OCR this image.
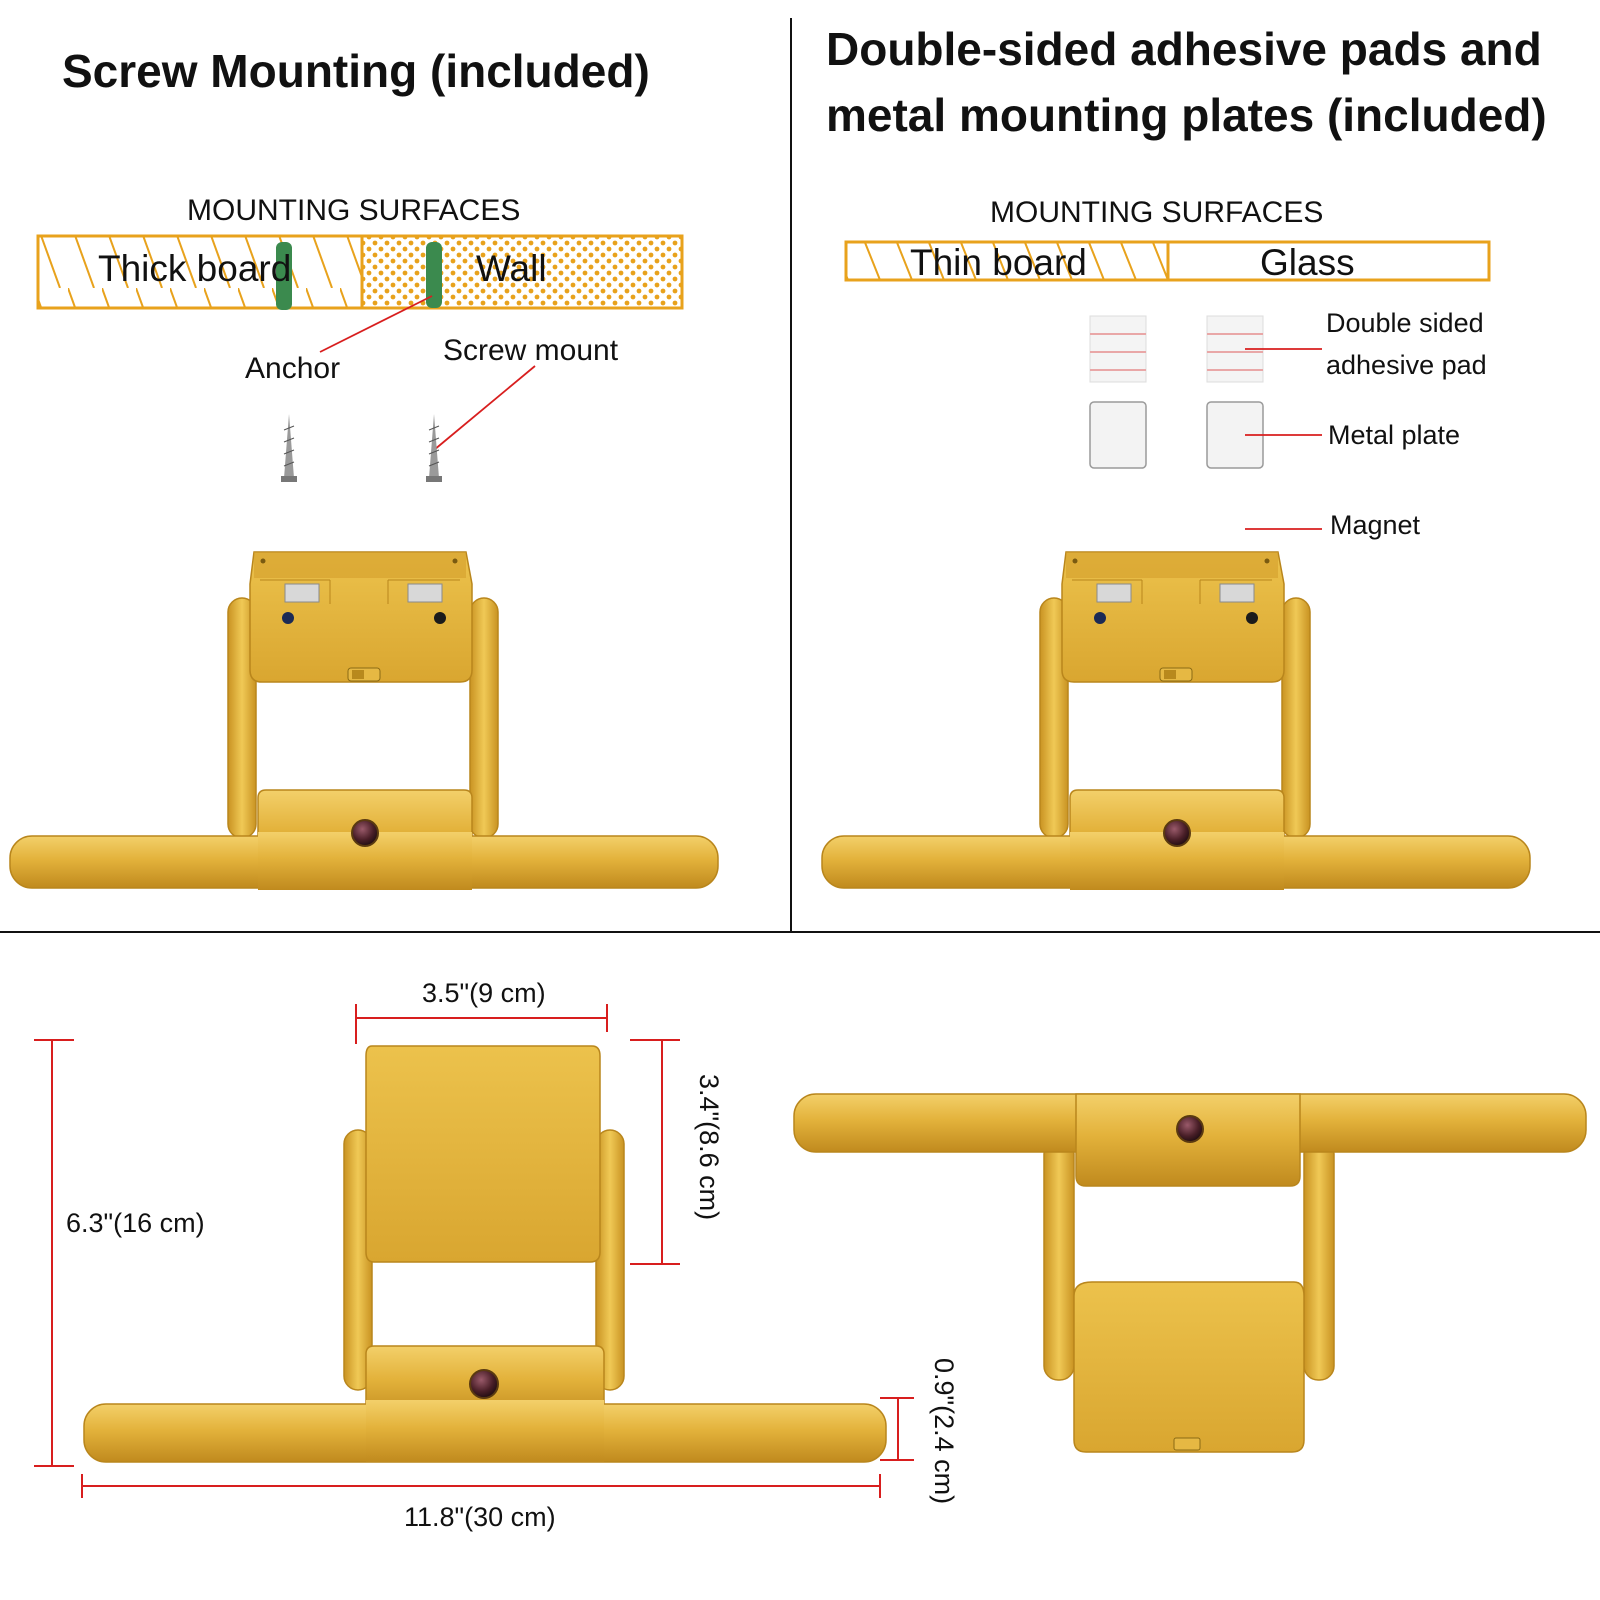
Screw Mounting (included)
MOUNTING SURFACES
Thick board	Wall
Anchor
Screw mount
Double-sided adhesive pads and
metal mounting plates (included)
MOUNTING SURFACES
Thin board	Glass
Double sided
adhesive pad
Metal plate
Magnet
3.5"(9 cm)
3.4"(8.6 cm)
6.3"(16 cm)
0.9"(2.4 cm)
11.8"(30 cm)
